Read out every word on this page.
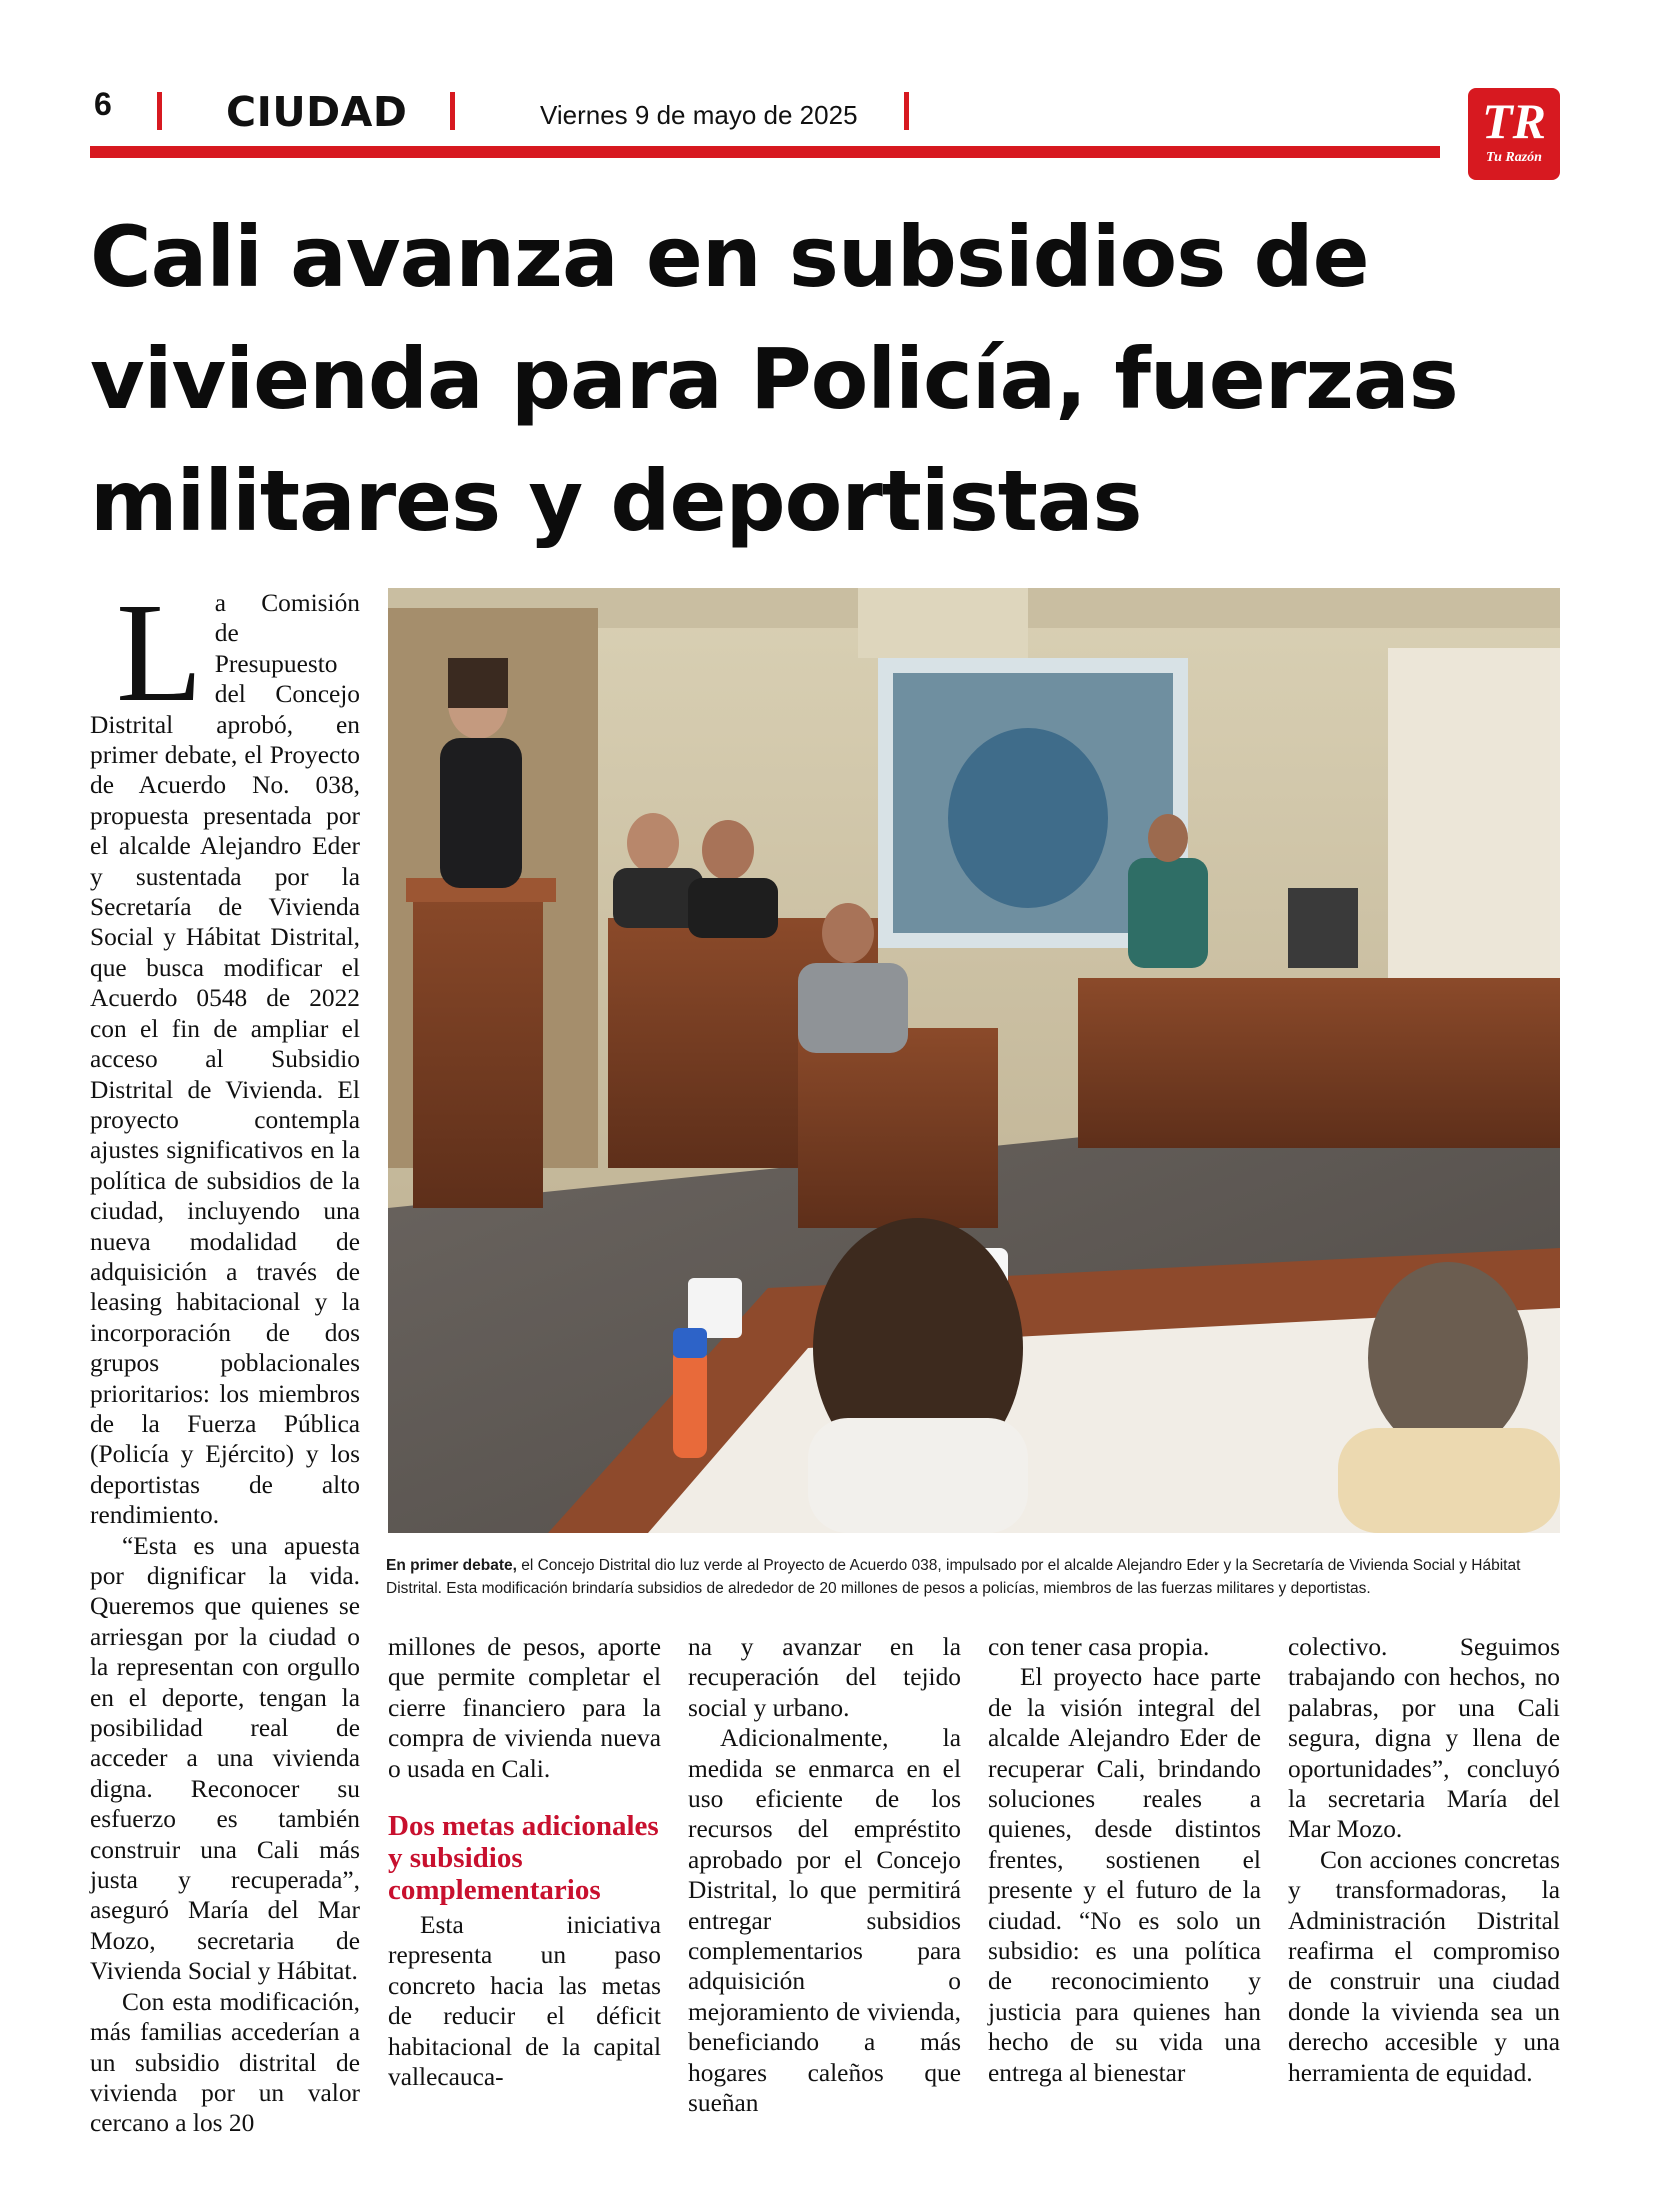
6	CIUDAD	Viernes 9 de mayo de 2025	TR
Tu Razón
Cali avanza en subsidios de vivienda para Policía, fuerzas militares y deportistas

La Comisión de Presupuesto del Concejo Distrital aprobó, en primer debate, el Proyecto de Acuerdo No. 038, propuesta presentada por el alcalde Alejandro Eder y sustentada por la Secretaría de Vivienda Social y Hábitat Distrital, que busca modificar el Acuerdo 0548 de 2022 con el fin de ampliar el acceso al Subsidio Distrital de Vivienda. El proyecto contempla ajustes significativos en la política de subsidios de la ciudad, incluyendo una nueva modalidad de adquisición a través de leasing habitacional y la incorporación de dos grupos poblacionales prioritarios: los miembros de la Fuerza Pública (Policía y Ejército) y los deportistas de alto rendimiento.

“Esta es una apuesta por dignificar la vida. Queremos que quienes se arriesgan por la ciudad o la representan con orgullo en el deporte, tengan la posibilidad real de acceder a una vivienda digna. Reconocer su esfuerzo es también construir una Cali más justa y recuperada”, aseguró María del Mar Mozo, secretaria de Vivienda Social y Hábitat.

Con esta modificación, más familias accederían a un subsidio distrital de vivienda por un valor cercano a los 20

En primer debate, el Concejo Distrital dio luz verde al Proyecto de Acuerdo 038, impulsado por el alcalde Alejandro Eder y la Secretaría de Vivienda Social y Hábitat Distrital. Esta modificación brindaría subsidios de alrededor de 20 millones de pesos a policías, miembros de las fuerzas militares y deportistas.

millones de pesos, aporte que permite completar el cierre financiero para la compra de vivienda nueva o usada en Cali.

Dos metas adicionales y subsidios complementarios

Esta iniciativa representa un paso concreto hacia las metas de reducir el déficit habitacional de la capital vallecauca-

na y avanzar en la recuperación del tejido social y urbano.

Adicionalmente, la medida se enmarca en el uso eficiente de los recursos del empréstito aprobado por el Concejo Distrital, lo que permitirá entregar subsidios complementarios para adquisición o mejoramiento de vivienda, beneficiando a más hogares caleños que sueñan

con tener casa propia.

El proyecto hace parte de la visión integral del alcalde Alejandro Eder de recuperar Cali, brindando soluciones reales a quienes, desde distintos frentes, sostienen el presente y el futuro de la ciudad. “No es solo un subsidio: es una política de reconocimiento y justicia para quienes han hecho de su vida una entrega al bienestar

colectivo. Seguimos trabajando con hechos, no palabras, por una Cali segura, digna y llena de oportunidades”, concluyó la secretaria María del Mar Mozo.

Con acciones concretas y transformadoras, la Administración Distrital reafirma el compromiso de construir una ciudad donde la vivienda sea un derecho accesible y una herramienta de equidad.
